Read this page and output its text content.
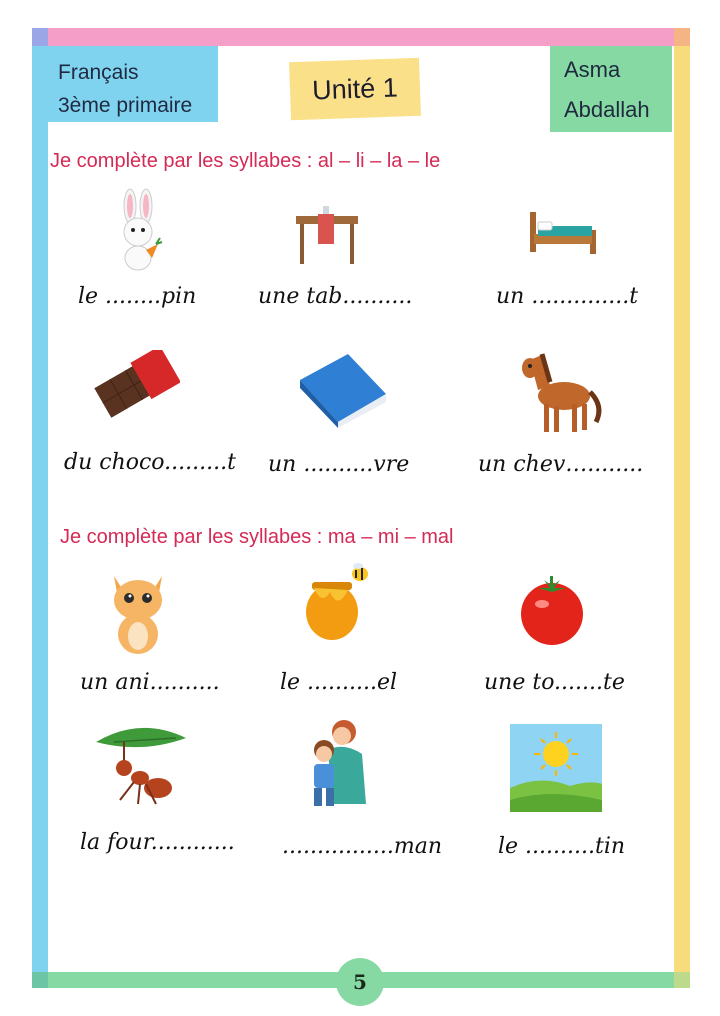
Français
3ème primaire
Unité 1
Asma
Abdallah
Je complète par les syllabes : al – li – la – le
le ........pin	une tab..........	un ..............t
du choco.........t un ..........vre	un chev…........
Je complète par les syllabes : ma – mi – mal
un ani..........	le ..........el	une to.......te
la four............ ................man	le ..........tin
5
